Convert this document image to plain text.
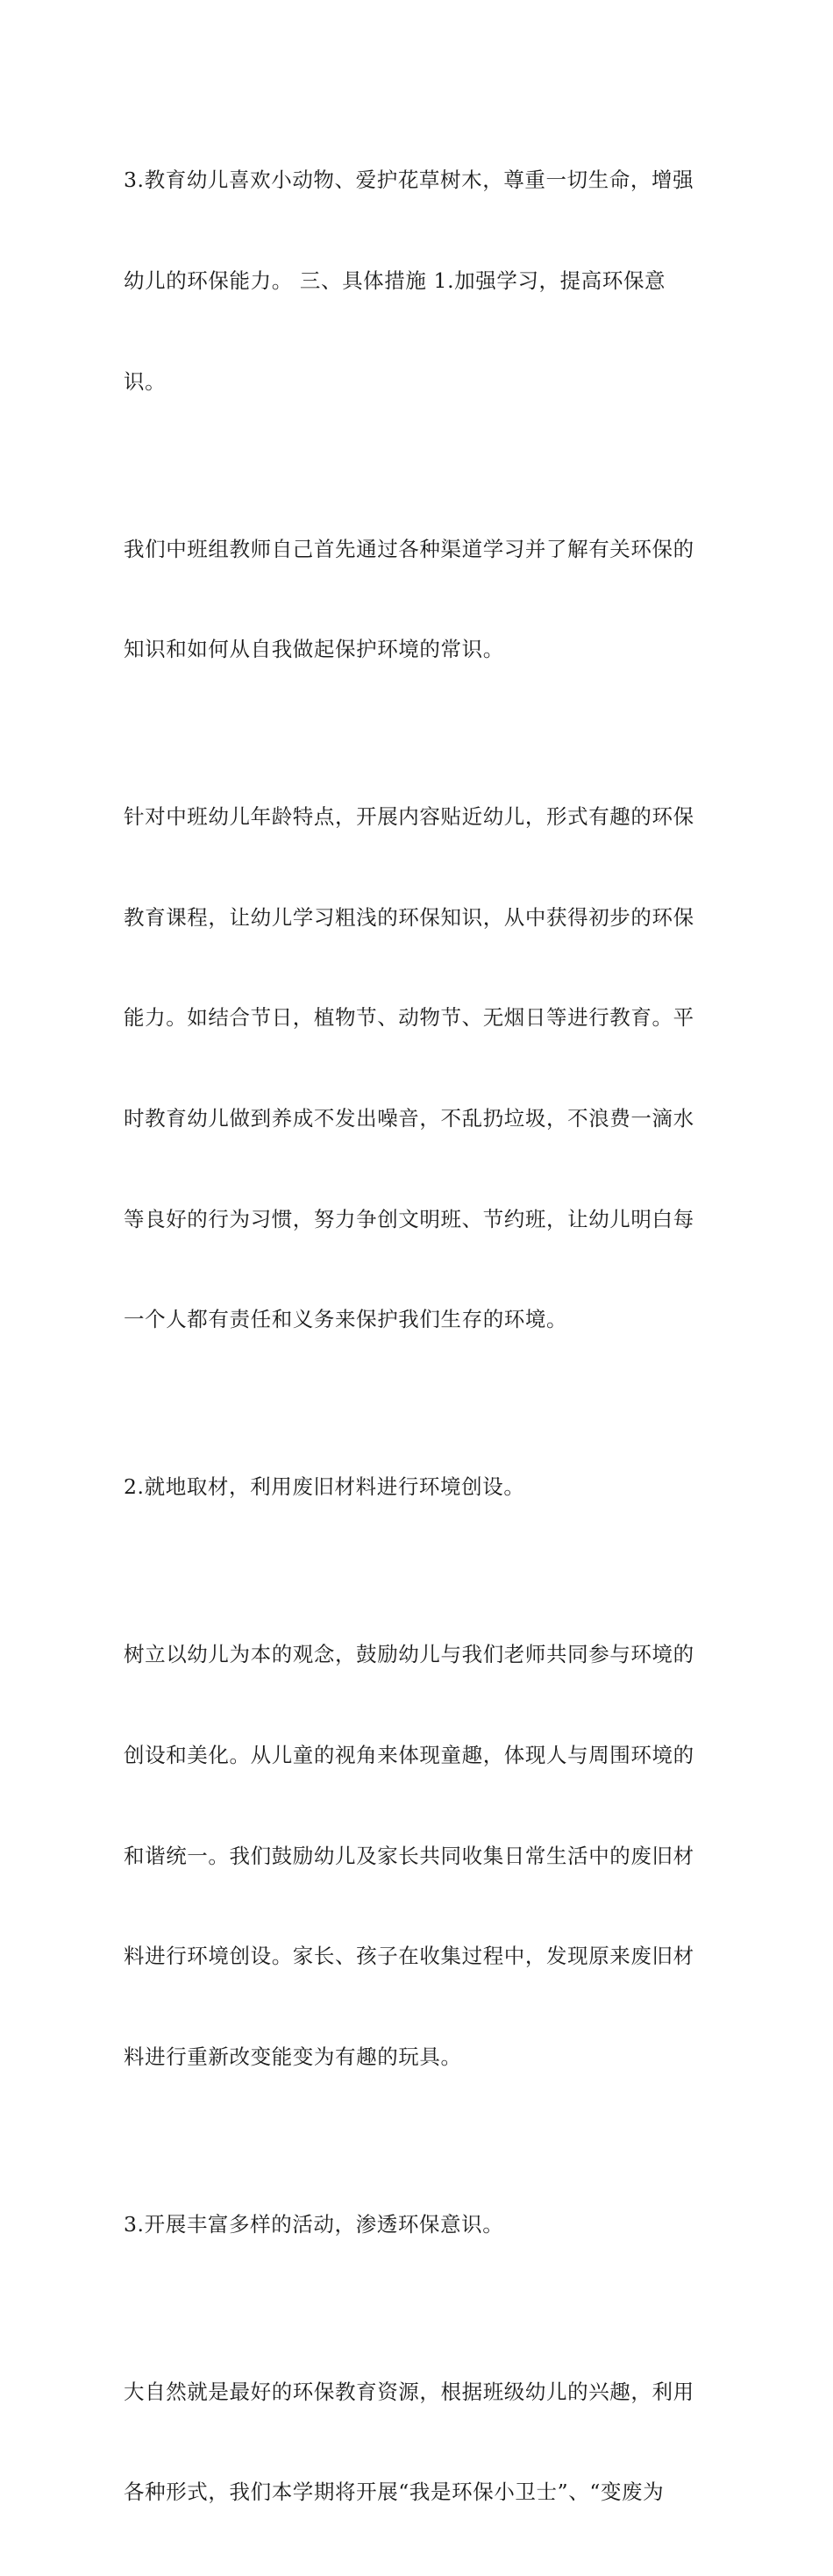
3.教育幼儿喜欢小动物、爱护花草树木，尊重一切生命，增强

幼儿的环保能力。 三、具体措施 1.加强学习，提高环保意

识。

我们中班组教师自己首先通过各种渠道学习并了解有关环保的

知识和如何从自我做起保护环境的常识。

针对中班幼儿年龄特点，开展内容贴近幼儿，形式有趣的环保

教育课程，让幼儿学习粗浅的环保知识，从中获得初步的环保

能力。如结合节日，植物节、动物节、无烟日等进行教育。平

时教育幼儿做到养成不发出噪音，不乱扔垃圾，不浪费一滴水

等良好的行为习惯，努力争创文明班、节约班，让幼儿明白每

一个人都有责任和义务来保护我们生存的环境。

2.就地取材，利用废旧材料进行环境创设。

树立以幼儿为本的观念，鼓励幼儿与我们老师共同参与环境的

创设和美化。从儿童的视角来体现童趣，体现人与周围环境的

和谐统一。我们鼓励幼儿及家长共同收集日常生活中的废旧材

料进行环境创设。家长、孩子在收集过程中，发现原来废旧材

料进行重新改变能变为有趣的玩具。

3.开展丰富多样的活动，渗透环保意识。

大自然就是最好的环保教育资源，根据班级幼儿的兴趣，利用

各种形式，我们本学期将开展“我是环保小卫士”、“变废为
